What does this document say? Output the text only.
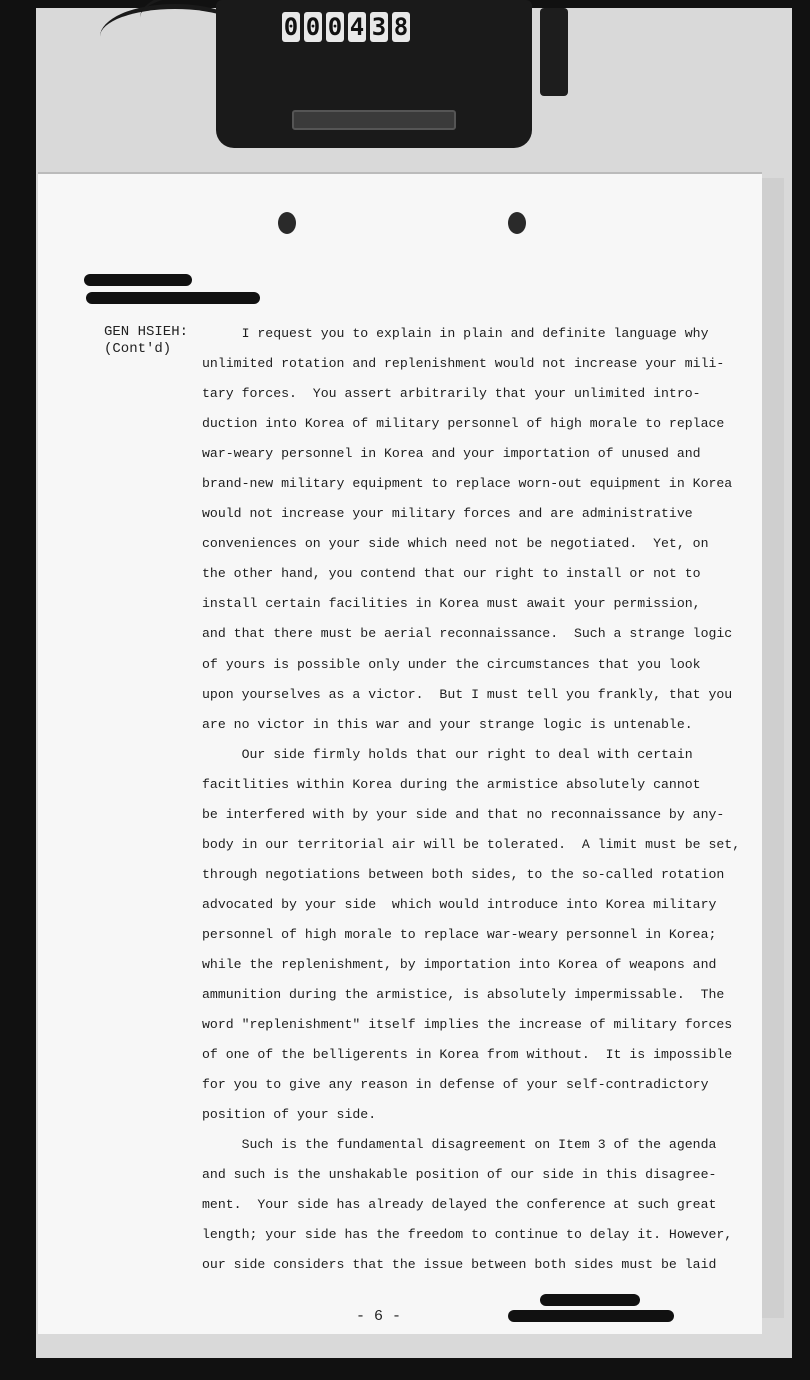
0 0 0 4 3 8
GEN HSIEH:
(Cont'd)
I request you to explain in plain and definite language why
unlimited rotation and replenishment would not increase your mili-
tary forces.  You assert arbitrarily that your unlimited intro-
duction into Korea of military personnel of high morale to replace
war-weary personnel in Korea and your importation of unused and
brand-new military equipment to replace worn-out equipment in Korea
would not increase your military forces and are administrative
conveniences on your side which need not be negotiated.  Yet, on
the other hand, you contend that our right to install or not to
install certain facilities in Korea must await your permission,
and that there must be aerial reconnaissance.  Such a strange logic
of yours is possible only under the circumstances that you look
upon yourselves as a victor.  But I must tell you frankly, that you
are no victor in this war and your strange logic is untenable.
Our side firmly holds that our right to deal with certain
facitlities within Korea during the armistice absolutely cannot
be interfered with by your side and that no reconnaissance by any-
body in our territorial air will be tolerated.  A limit must be set,
through negotiations between both sides, to the so-called rotation
advocated by your side  which would introduce into Korea military
personnel of high morale to replace war-weary personnel in Korea;
while the replenishment, by importation into Korea of weapons and
ammunition during the armistice, is absolutely impermissable.  The
word "replenishment" itself implies the increase of military forces
of one of the belligerents in Korea from without.  It is impossible
for you to give any reason in defense of your self-contradictory
position of your side.
Such is the fundamental disagreement on Item 3 of the agenda
and such is the unshakable position of our side in this disagree-
ment.  Your side has already delayed the conference at such great
length; your side has the freedom to continue to delay it. However,
our side considers that the issue between both sides must be laid
- 6 -
